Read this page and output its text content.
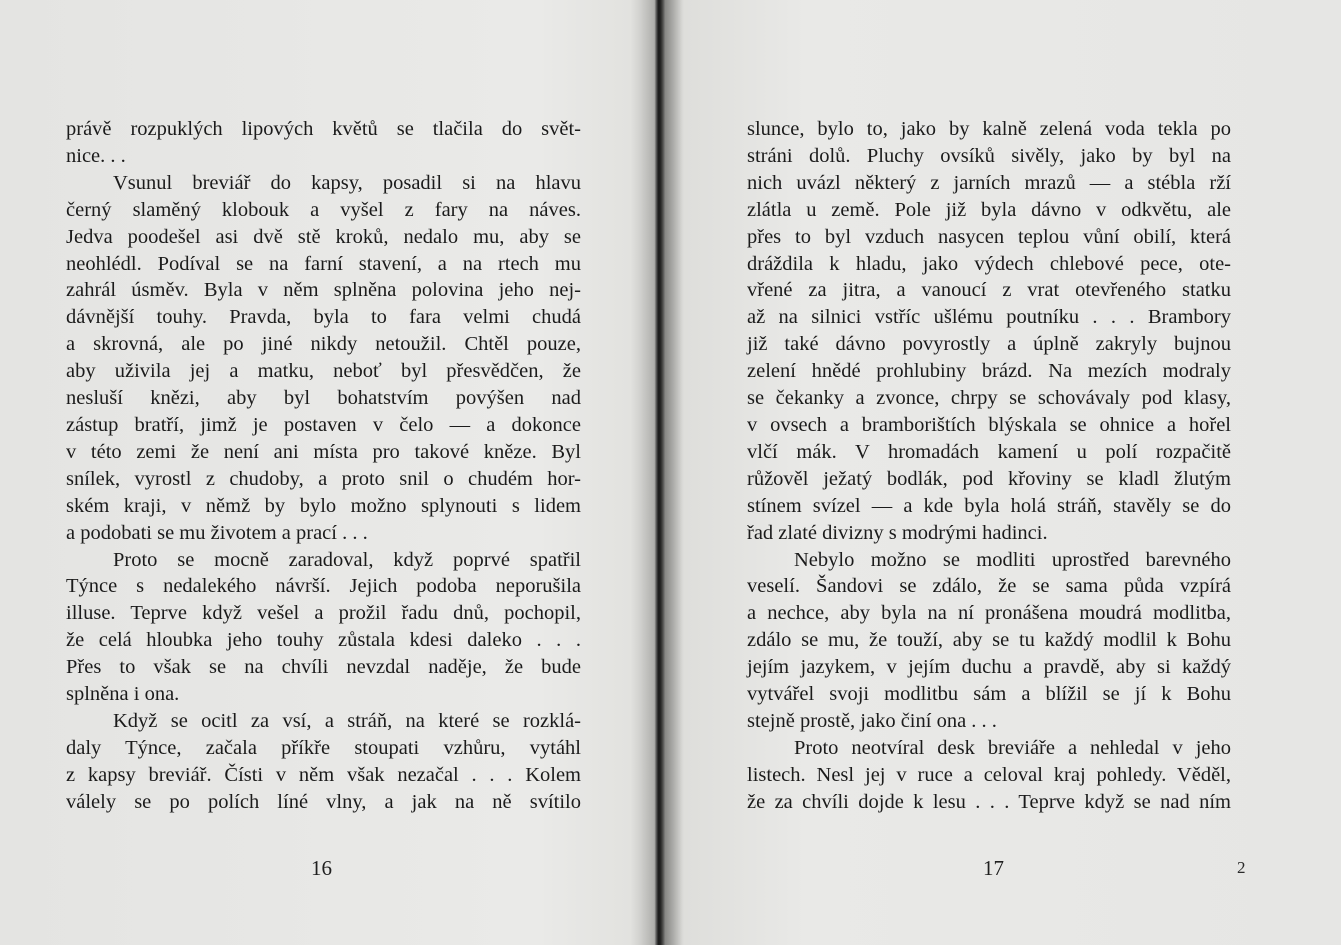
právě rozpuklých lipových květů se tlačila do svět-
nice. . .
Vsunul breviář do kapsy, posadil si na hlavu
černý slaměný klobouk a vyšel z fary na náves.
Jedva poodešel asi dvě stě kroků, nedalo mu, aby se
neohlédl. Podíval se na farní stavení, a na rtech mu
zahrál úsměv. Byla v něm splněna polovina jeho nej-
dávnější touhy. Pravda, byla to fara velmi chudá
a skrovná, ale po jiné nikdy netoužil. Chtěl pouze,
aby uživila jej a matku, neboť byl přesvědčen, že
nesluší knězi, aby byl bohatstvím povýšen nad
zástup bratří, jimž je postaven v čelo — a dokonce
v této zemi že není ani místa pro takové kněze. Byl
snílek, vyrostl z chudoby, a proto snil o chudém hor-
ském kraji, v němž by bylo možno splynouti s lidem
a podobati se mu životem a prací . . .
Proto se mocně zaradoval, když poprvé spatřil
Týnce s nedalekého návrší. Jejich podoba neporušila
illuse. Teprve když vešel a prožil řadu dnů, pochopil,
že celá hloubka jeho touhy zůstala kdesi daleko . . .
Přes to však se na chvíli nevzdal naděje, že bude
splněna i ona.
Když se ocitl za vsí, a stráň, na které se rozklá-
daly Týnce, začala příkře stoupati vzhůru, vytáhl
z kapsy breviář. Čísti v něm však nezačal . . . Kolem
válely se po polích líné vlny, a jak na ně svítilo
16
slunce, bylo to, jako by kalně zelená voda tekla po
stráni dolů. Pluchy ovsíků sivěly, jako by byl na
nich uvázl některý z jarních mrazů — a stébla rží
zlátla u země. Pole již byla dávno v odkvětu, ale
přes to byl vzduch nasycen teplou vůní obilí, která
dráždila k hladu, jako výdech chlebové pece, ote-
vřené za jitra, a vanoucí z vrat otevřeného statku
až na silnici vstříc ušlému poutníku . . . Brambory
již také dávno povyrostly a úplně zakryly bujnou
zelení hnědé prohlubiny brázd. Na mezích modraly
se čekanky a zvonce, chrpy se schovávaly pod klasy,
v ovsech a bramborištích blýskala se ohnice a hořel
vlčí mák. V hromadách kamení u polí rozpačitě
růžověl ježatý bodlák, pod křoviny se kladl žlutým
stínem svízel — a kde byla holá stráň, stavěly se do
řad zlaté divizny s modrými hadinci.
Nebylo možno se modliti uprostřed barevného
veselí. Šandovi se zdálo, že se sama půda vzpírá
a nechce, aby byla na ní pronášena moudrá modlitba,
zdálo se mu, že touží, aby se tu každý modlil k Bohu
jejím jazykem, v jejím duchu a pravdě, aby si každý
vytvářel svoji modlitbu sám a blížil se jí k Bohu
stejně prostě, jako činí ona . . .
Proto neotvíral desk breviáře a nehledal v jeho
listech. Nesl jej v ruce a celoval kraj pohledy. Věděl,
že za chvíli dojde k lesu . . . Teprve když se nad ním
17	2
